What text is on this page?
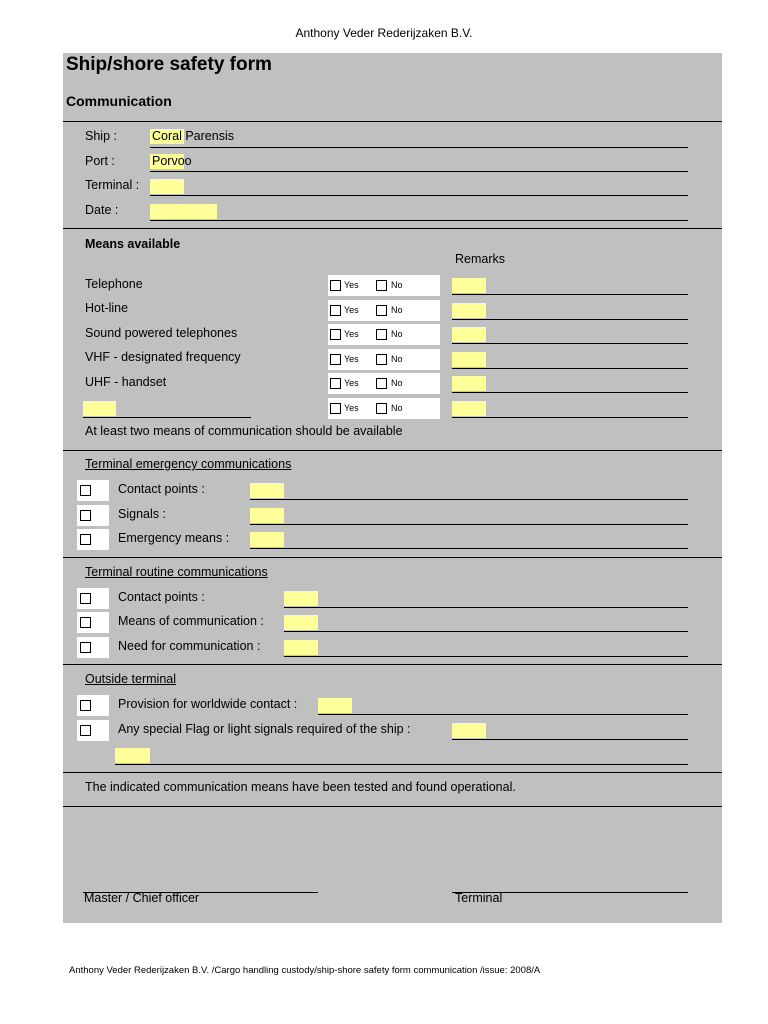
Anthony Veder Rederijzaken B.V.
Ship/shore safety form
Communication
Ship :	Coral Parensis
Port :	Porvoo
Terminal :
Date :
Means available
Remarks
Telephone	Yes	No
Hot-line	Yes	No
Sound powered telephones	Yes	No
VHF - designated frequency	Yes	No
UHF - handset	Yes	No
Yes	No
At least two means of communication should be available
Terminal emergency communications
Contact points :
Signals :
Emergency means :
Terminal routine communications
Contact points :
Means of communication :
Need for communication :
Outside terminal
Provision for worldwide contact :
Any special Flag or light signals required of the ship :
The indicated communication means have been tested and found operational.
Master / Chief officer	Terminal
Anthony Veder Rederijzaken B.V. /Cargo handling custody/ship-shore safety form communication /issue: 2008/A
